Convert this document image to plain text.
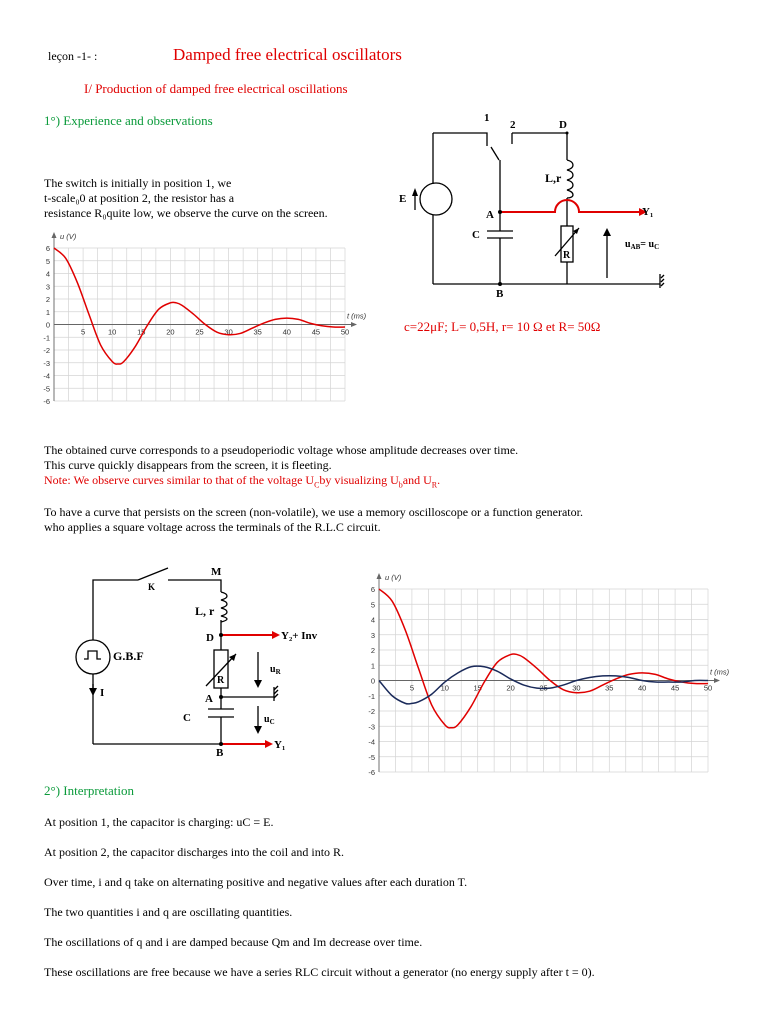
leçon -1- :	Damped free electrical oscillators
I/ Production of damped free electrical oscillations
1°) Experience and observations
The switch is initially in position 1, we
t-scale₀0 at position 2, the resistor has a
resistance R₀quite low, we observe the curve on the screen.
1
2	D
L,r
E
A
C
R
B
Y₁
$u_{AB}= u_C$
c=22μF; L= 0,5H, r= 10 Ω et R= 50Ω
6
5
4
3
2
1
0
-1
-2
-3
-4
-5
-6
5	10	15	20	25	30	35	40	45	50
u (V)
t (ms)
The obtained curve corresponds to a pseudoperiodic voltage whose amplitude decreases over time.
This curve quickly disappears from the screen, it is fleeting.
Note: We observe curves similar to that of the voltage $U_Cby$ visualizing $U_band$ $U_R$.
To have a curve that persists on the screen (non-volatile), we use a memory oscilloscope or a function generator.
who applies a square voltage across the terminals of the R.L.C circuit.
M
K
L, r
D	Y₂+ Inv
G.B.F
I
R
$u_R$
A
C	$u_C$
B
Y₁
6
5
4
3
2
1
0
-1
-2
-3
-4
-5
-6
5	10	15	20	25	30	35	40	45	50
u (V)
t (ms)
2°) Interpretation
At position 1, the capacitor is charging: uC = E.
At position 2, the capacitor discharges into the coil and into R.
Over time, i and q take on alternating positive and negative values after each duration T.
The two quantities i and q are oscillating quantities.
The oscillations of q and i are damped because Qm and Im decrease over time.
These oscillations are free because we have a series RLC circuit without a generator (no energy supply after t = 0).
